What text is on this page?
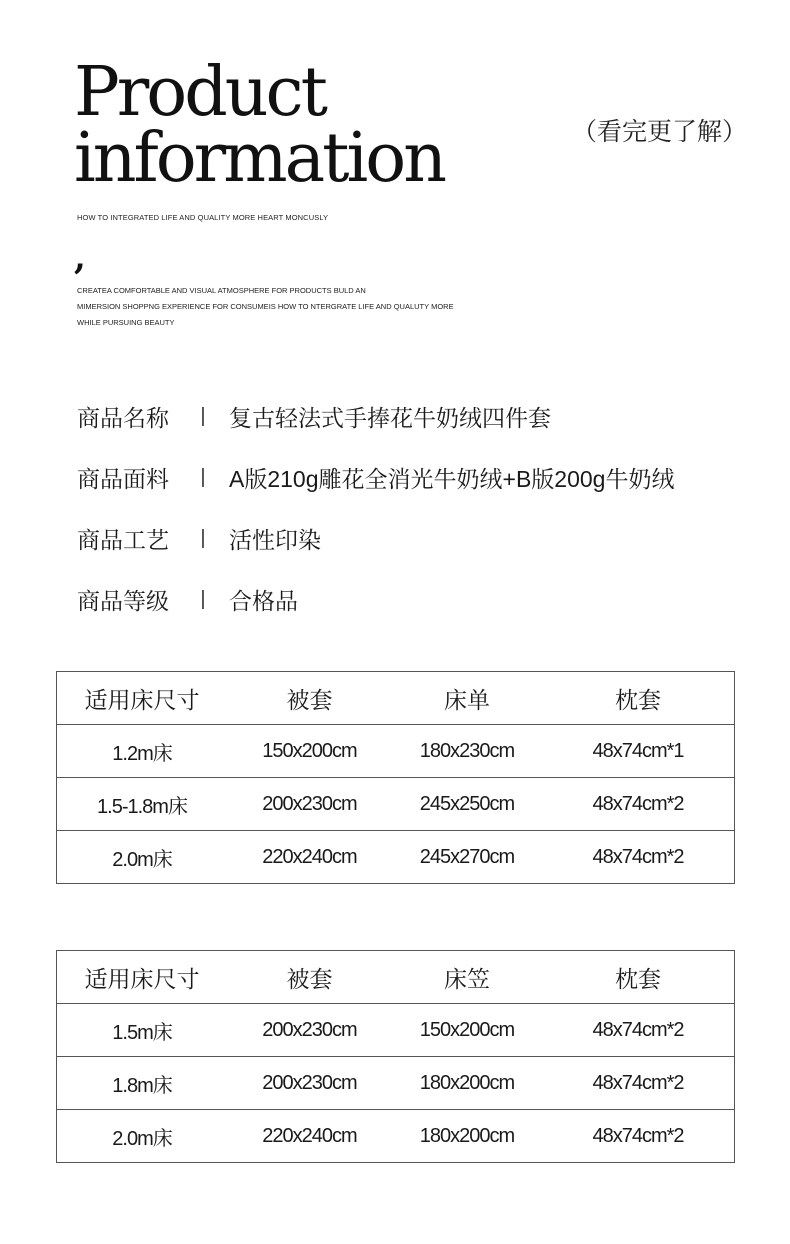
Product
information	（看完更了解）
HOW TO INTEGRATED LIFE AND QUALITY MORE HEART MONCUSLY
,
CREATEA COMFORTABLE AND VISUAL ATMOSPHERE FOR PRODUCTS BULD AN
MIMERSION SHOPPNG EXPERIENCE FOR CONSUMEIS HOW TO NTERGRATE LIFE AND QUALUTY MORE
WHILE PURSUING BEAUTY
商品名称	|	复古轻法式手捧花牛奶绒四件套
商品面料	|	A版210g雕花全消光牛奶绒+B版200g牛奶绒
商品工艺	|	活性印染
商品等级	|	合格品
适用床尺寸	被套	床单	枕套
1.2m床	150x200cm	180x230cm	48x74cm*1
1.5-1.8m床	200x230cm	245x250cm	48x74cm*2
2.0m床	220x240cm	245x270cm	48x74cm*2
适用床尺寸	被套	床笠	枕套
1.5m床	200x230cm	150x200cm	48x74cm*2
1.8m床	200x230cm	180x200cm	48x74cm*2
2.0m床	220x240cm	180x200cm	48x74cm*2
